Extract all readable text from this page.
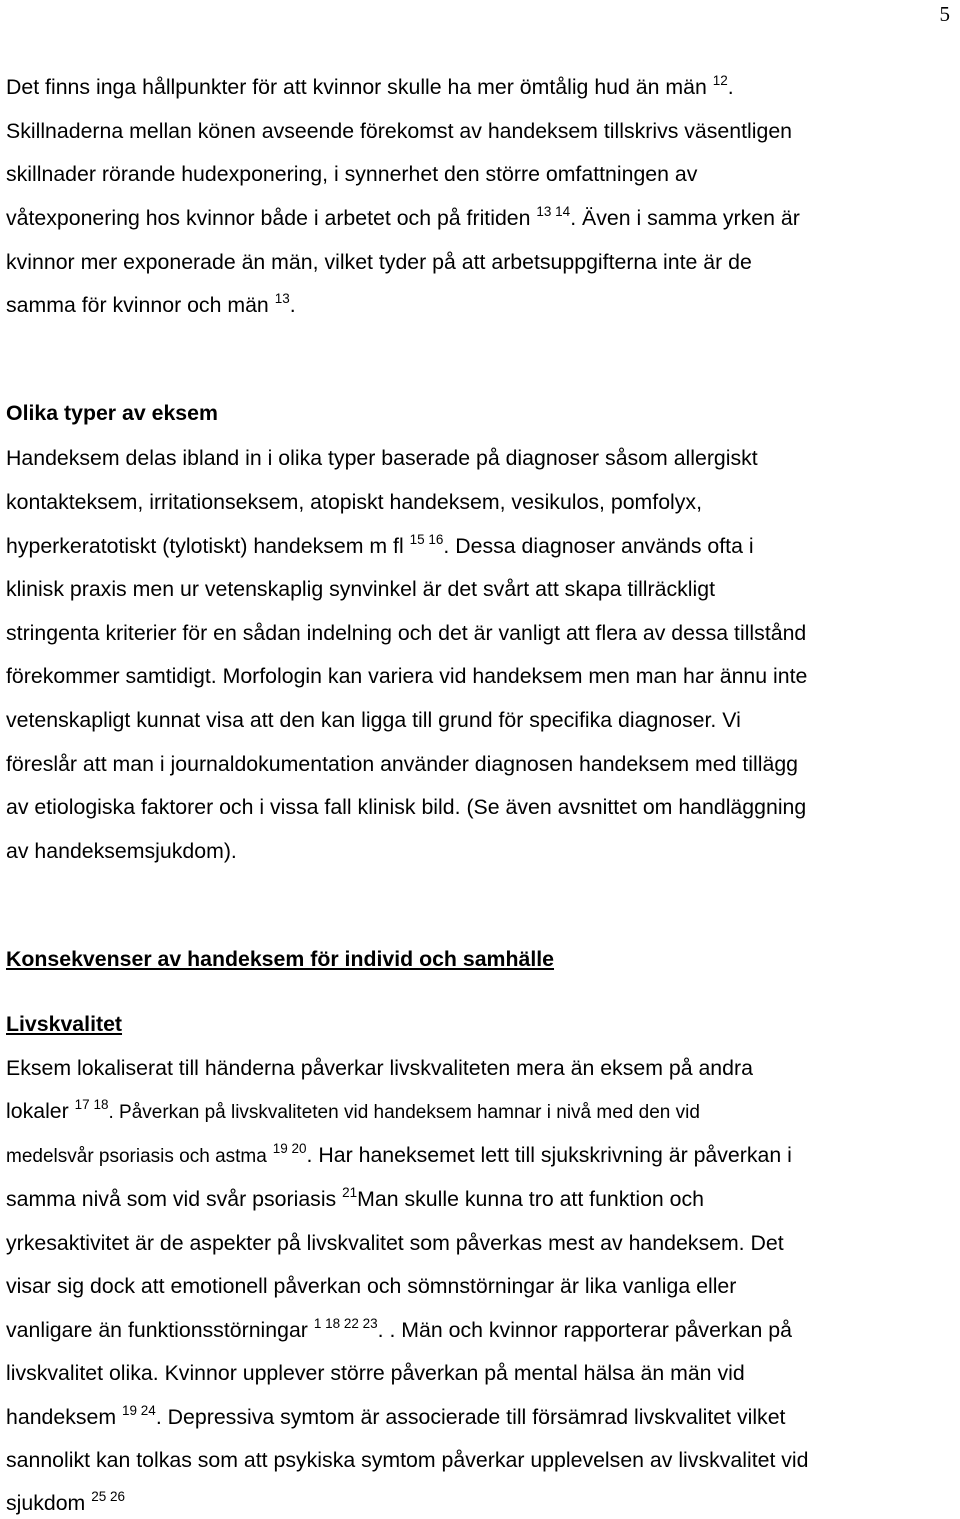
5
Det finns inga hållpunkter för att kvinnor skulle ha mer ömtålig hud än män $^{12}$.
Skillnaderna mellan könen avseende förekomst av handeksem tillskrivs väsentligen
skillnader rörande hudexponering, i synnerhet den större omfattningen av
våtexponering hos kvinnor både i arbetet och på fritiden $^{13 14}$. Även i samma yrken är
kvinnor mer exponerade än män, vilket tyder på att arbetsuppgifterna inte är de
samma för kvinnor och män $^{13}$.
Olika typer av eksem
Handeksem delas ibland in i olika typer baserade på diagnoser såsom allergiskt
kontakteksem, irritationseksem, atopiskt handeksem, vesikulos, pomfolyx,
hyperkeratotiskt (tylotiskt) handeksem m fl $^{15 16}$. Dessa diagnoser används ofta i
klinisk praxis men ur vetenskaplig synvinkel är det svårt att skapa tillräckligt
stringenta kriterier för en sådan indelning och det är vanligt att flera av dessa tillstånd
förekommer samtidigt. Morfologin kan variera vid handeksem men man har ännu inte
vetenskapligt kunnat visa att den kan ligga till grund för specifika diagnoser. Vi
föreslår att man i journaldokumentation använder diagnosen handeksem med tillägg
av etiologiska faktorer och i vissa fall klinisk bild. (Se även avsnittet om handläggning
av handeksemsjukdom).
Konsekvenser av handeksem för individ och samhälle
Livskvalitet
Eksem lokaliserat till händerna påverkar livskvaliteten mera än eksem på andra
lokaler $^{17 18}$. Påverkan på livskvaliteten vid handeksem hamnar i nivå med den vid
medelsvår psoriasis och astma $^{19 20}$. Har haneksemet lett till sjukskrivning är påverkan i
samma nivå som vid svår psoriasis $^{21}$Man skulle kunna tro att funktion och
yrkesaktivitet är de aspekter på livskvalitet som påverkas mest av handeksem. Det
visar sig dock att emotionell påverkan och sömnstörningar är lika vanliga eller
vanligare än funktionsstörningar $^{1 18 22 23}$. . Män och kvinnor rapporterar påverkan på
livskvalitet olika. Kvinnor upplever större påverkan på mental hälsa än män vid
handeksem $^{19 24}$. Depressiva symtom är associerade till försämrad livskvalitet vilket
sannolikt kan tolkas som att psykiska symtom påverkar upplevelsen av livskvalitet vid
sjukdom $^{25 26}$
